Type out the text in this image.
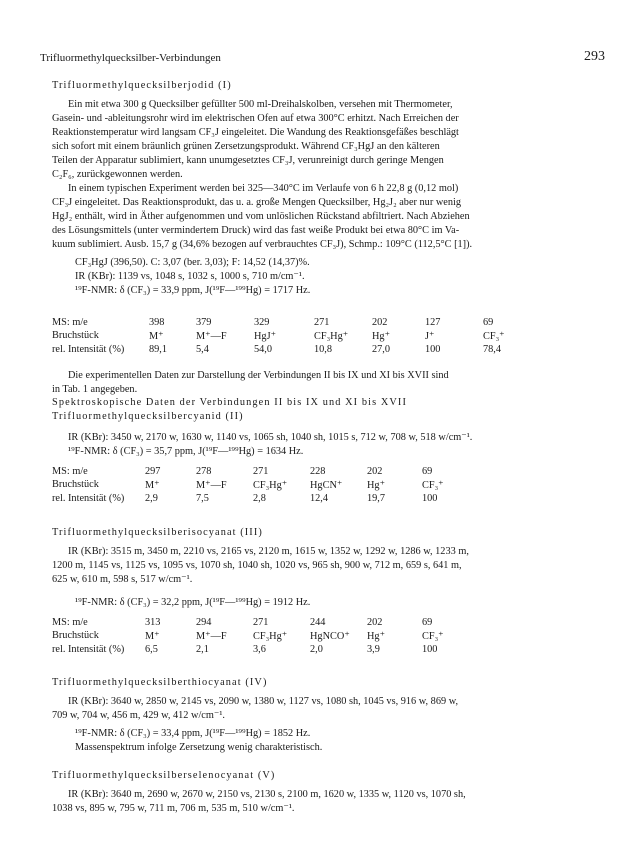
Trifluormethylquecksilber-Verbindungen	293
Trifluormethylquecksilberjodid (I)
Ein mit etwa 300 g Quecksilber gefüllter 500 ml-Dreihalskolben, versehen mit Thermometer,
Gasein- und -ableitungsrohr wird im elektrischen Ofen auf etwa 300°C erhitzt. Nach Erreichen der
Reaktionstemperatur wird langsam CF₃J eingeleitet. Die Wandung des Reaktionsgefäßes beschlägt
sich sofort mit einem bräunlich grünen Zersetzungsprodukt. Während CF₃HgJ an den kälteren
Teilen der Apparatur sublimiert, kann unumgesetztes CF₃J, verunreinigt durch geringe Mengen
C₂F₆, zurückgewonnen werden.
In einem typischen Experiment werden bei 325—340°C im Verlaufe von 6 h 22,8 g (0,12 mol)
CF₃J eingeleitet. Das Reaktionsprodukt, das u. a. große Mengen Quecksilber, Hg₂J₂ aber nur wenig
HgJ₂ enthält, wird in Äther aufgenommen und vom unlöslichen Rückstand abfiltriert. Nach Abziehen
des Lösungsmittels (unter vermindertem Druck) wird das fast weiße Produkt bei etwa 80°C im Va-
kuum sublimiert. Ausb. 15,7 g (34,6% bezogen auf verbrauchtes CF₃J), Schmp.: 109°C (112,5°C [1]).
CF₃HgJ (396,50). C: 3,07 (ber. 3,03); F: 14,52 (14,37)%.
IR (KBr): 1139 vs, 1048 s, 1032 s, 1000 s, 710 m/cm⁻¹.
¹⁹F-NMR: δ (CF₃) = 33,9 ppm, J(¹⁹F—¹⁹⁹Hg) = 1717 Hz.
MS: m/e	398	379	329	271	202	127	69
Bruchstück	M⁺	M⁺—F	HgJ⁺	CF₃Hg⁺	Hg⁺	J⁺	CF₃⁺
rel. Intensität (%)	89,1	5,4	54,0	10,8	27,0	100	78,4
Die experimentellen Daten zur Darstellung der Verbindungen II bis IX und XI bis XVII sind
in Tab. 1 angegeben.
Spektroskopische Daten der Verbindungen II bis IX und XI bis XVII
Trifluormethylquecksilbercyanid (II)
IR (KBr): 3450 w, 2170 w, 1630 w, 1140 vs, 1065 sh, 1040 sh, 1015 s, 712 w, 708 w, 518 w/cm⁻¹.
¹⁹F-NMR: δ (CF₃) = 35,7 ppm, J(¹⁹F—¹⁹⁹Hg) = 1634 Hz.
MS: m/e	297	278	271	228	202	69
Bruchstück	M⁺	M⁺—F	CF₃Hg⁺	HgCN⁺	Hg⁺	CF₃⁺
rel. Intensität (%)	2,9	7,5	2,8	12,4	19,7	100
Trifluormethylquecksilberisocyanat (III)
IR (KBr): 3515 m, 3450 m, 2210 vs, 2165 vs, 2120 m, 1615 w, 1352 w, 1292 w, 1286 w, 1233 m,
1200 m, 1145 vs, 1125 vs, 1095 vs, 1070 sh, 1040 sh, 1020 vs, 965 sh, 900 w, 712 m, 659 s, 641 m,
625 w, 610 m, 598 s, 517 w/cm⁻¹.
¹⁹F-NMR: δ (CF₃) = 32,2 ppm, J(¹⁹F—¹⁹⁹Hg) = 1912 Hz.
MS: m/e	313	294	271	244	202	69
Bruchstück	M⁺	M⁺—F	CF₃Hg⁺	HgNCO⁺	Hg⁺	CF₃⁺
rel. Intensität (%)	6,5	2,1	3,6	2,0	3,9	100
Trifluormethylquecksilberthiocyanat (IV)
IR (KBr): 3640 w, 2850 w, 2145 vs, 2090 w, 1380 w, 1127 vs, 1080 sh, 1045 vs, 916 w, 869 w,
709 w, 704 w, 456 m, 429 w, 412 w/cm⁻¹.
¹⁹F-NMR: δ (CF₃) = 33,4 ppm, J(¹⁹F—¹⁹⁹Hg) = 1852 Hz.
Massenspektrum infolge Zersetzung wenig charakteristisch.
Trifluormethylquecksilberselenocyanat (V)
IR (KBr): 3640 m, 2690 w, 2670 w, 2150 vs, 2130 s, 2100 m, 1620 w, 1335 w, 1120 vs, 1070 sh,
1038 vs, 895 w, 795 w, 711 m, 706 m, 535 m, 510 w/cm⁻¹.
